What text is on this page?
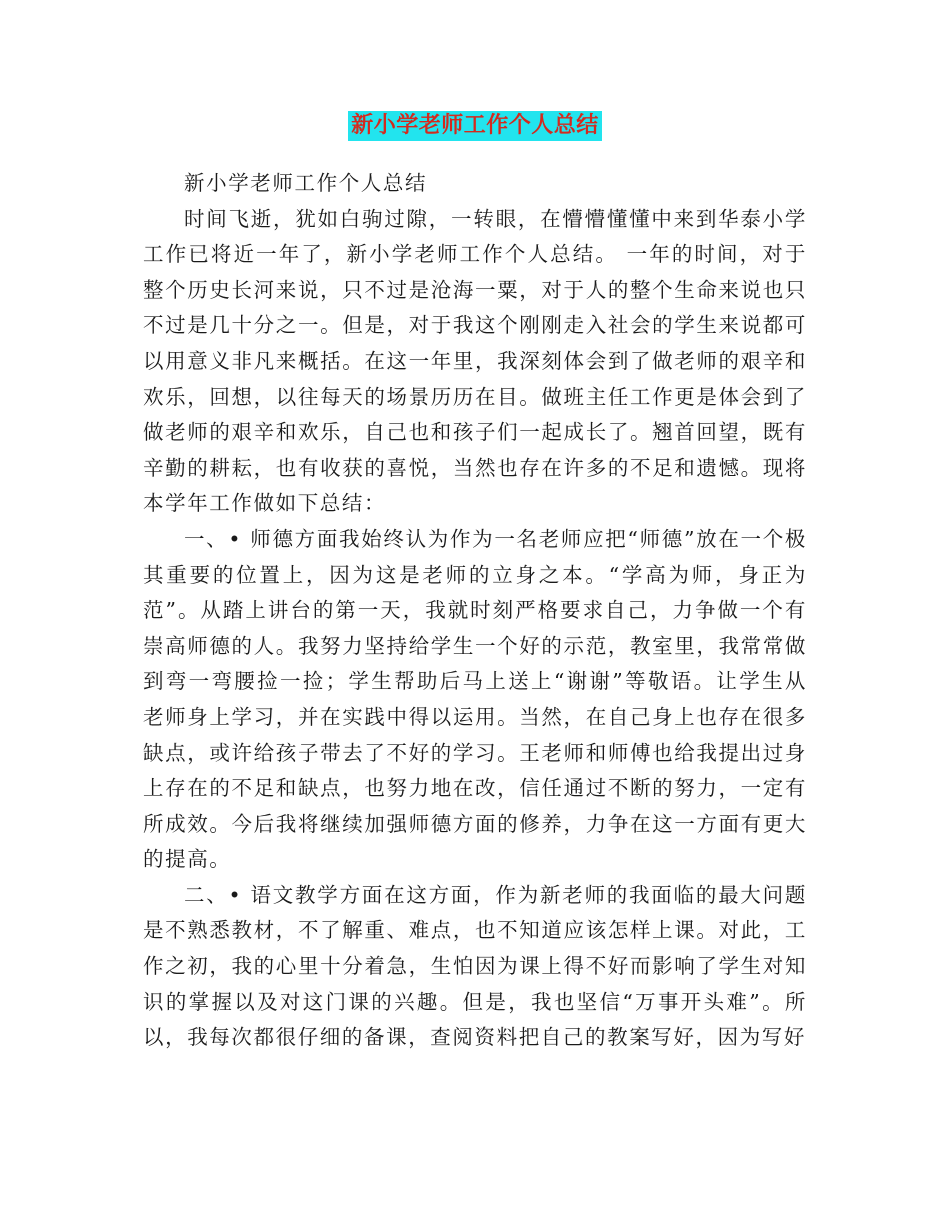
新小学老师工作个人总结

新小学老师工作个人总结

时间飞逝，犹如白驹过隙，一转眼，在懵懵懂懂中来到华泰小学工作已将近一年了，新小学老师工作个人总结。 一年的时间，对于整个历史长河来说，只不过是沧海一粟，对于人的整个生命来说也只不过是几十分之一。但是，对于我这个刚刚走入社会的学生来说都可以用意义非凡来概括。在这一年里，我深刻体会到了做老师的艰辛和欢乐，回想，以往每天的场景历历在目。做班主任工作更是体会到了做老师的艰辛和欢乐，自己也和孩子们一起成长了。翘首回望，既有辛勤的耕耘，也有收获的喜悦，当然也存在许多的不足和遗憾。现将本学年工作做如下总结：

一、• 师德方面我始终认为作为一名老师应把“师德”放在一个极其重要的位置上，因为这是老师的立身之本。“学高为师，身正为范”。从踏上讲台的第一天，我就时刻严格要求自己，力争做一个有崇高师德的人。我努力坚持给学生一个好的示范，教室里，我常常做到弯一弯腰捡一捡；学生帮助后马上送上“谢谢”等敬语。让学生从老师身上学习，并在实践中得以运用。当然，在自己身上也存在很多缺点，或许给孩子带去了不好的学习。王老师和师傅也给我提出过身上存在的不足和缺点，也努力地在改，信任通过不断的努力，一定有所成效。今后我将继续加强师德方面的修养，力争在这一方面有更大的提高。

二、• 语文教学方面在这方面，作为新老师的我面临的最大问题是不熟悉教材，不了解重、难点，也不知道应该怎样上课。对此，工作之初，我的心里十分着急，生怕因为课上得不好而影响了学生对知识的掌握以及对这门课的兴趣。但是，我也坚信“万事开头难”。所以，我每次都很仔细的备课，查阅资料把自己的教案写好，因为写好
